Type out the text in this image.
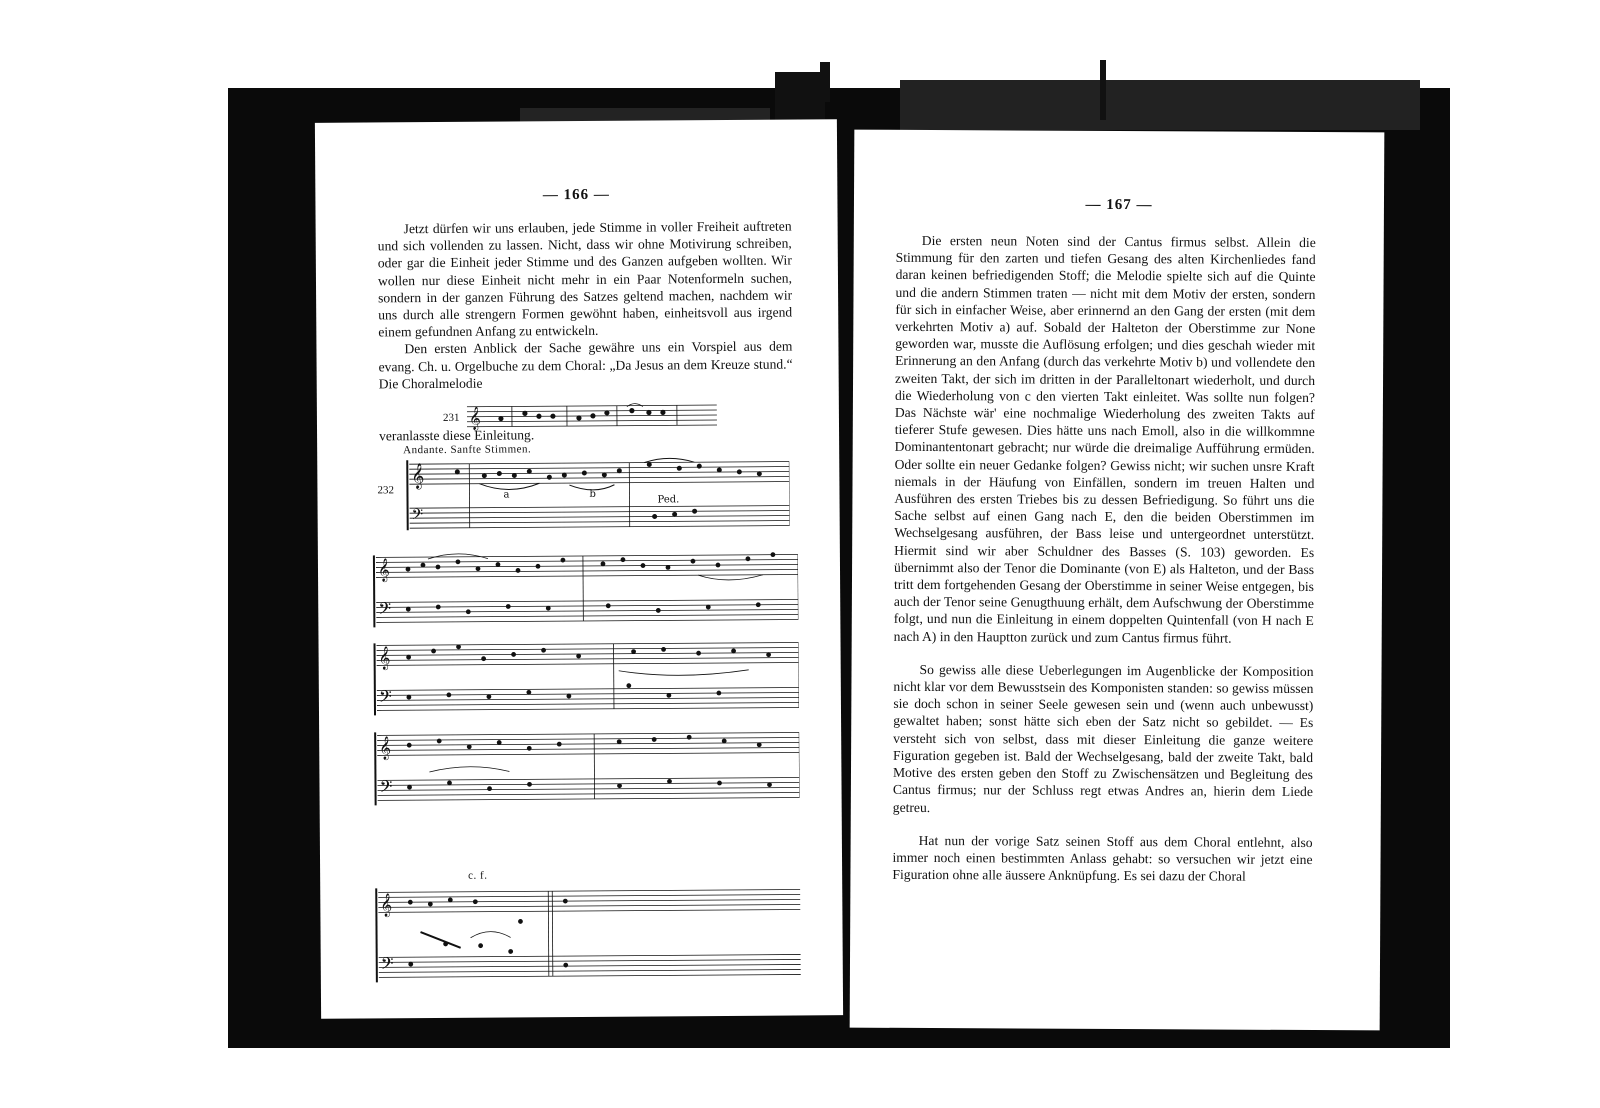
— 166 —

Jetzt dürfen wir uns erlauben, jede Stimme in voller Freiheit auftreten und sich vollenden zu lassen. Nicht, dass wir ohne Motivirung schreiben, oder gar die Einheit jeder Stimme und des Ganzen aufgeben wollten. Wir wollen nur diese Einheit nicht mehr in ein Paar Notenformeln suchen, sondern in der ganzen Führung des Satzes geltend machen, nachdem wir uns durch alle strengern Formen gewöhnt haben, einheitsvoll aus irgend einem gefundnen Anfang zu entwickeln.

Den ersten Anblick der Sache gewähre uns ein Vorspiel aus dem evang. Ch. u. Orgelbuche zu dem Choral: „Da Jesus an dem Kreuze stund.“ Die Choralmelodie

231 𝄞
veranlasste diese Einleitung.
Andante. Sanfte Stimmen.
232
𝄞
𝄢
a	b	Ped.
𝄞
𝄢
𝄞
𝄢
𝄞
𝄢
c. f.
𝄞
𝄢
— 167 —

Die ersten neun Noten sind der Cantus firmus selbst. Allein die Stimmung für den zarten und tiefen Gesang des alten Kirchenliedes fand daran keinen befriedigenden Stoff; die Melodie spielte sich auf die Quinte und die andern Stimmen traten — nicht mit dem Motiv der ersten, sondern für sich in einfacher Weise, aber erinnernd an den Gang der ersten (mit dem verkehrten Motiv a) auf. Sobald der Halteton der Oberstimme zur None geworden war, musste die Auflösung erfolgen; und dies geschah wieder mit Erinnerung an den Anfang (durch das verkehrte Motiv b) und vollendete den zweiten Takt, der sich im dritten in der Paralleltonart wiederholt, und durch die Wiederholung von c den vierten Takt einleitet. Was sollte nun folgen? Das Nächste wär' eine nochmalige Wiederholung des zweiten Takts auf tieferer Stufe gewesen. Dies hätte uns nach Emoll, also in die willkommne Dominantentonart gebracht; nur würde die dreimalige Aufführung ermüden. Oder sollte ein neuer Gedanke folgen? Gewiss nicht; wir suchen unsre Kraft niemals in der Häufung von Einfällen, sondern im treuen Halten und Ausführen des ersten Triebes bis zu dessen Befriedigung. So führt uns die Sache selbst auf einen Gang nach E, den die beiden Oberstimmen im Wechselgesang ausführen, der Bass leise und untergeordnet unterstützt. Hiermit sind wir aber Schuldner des Basses (S. 103) geworden. Es übernimmt also der Tenor die Dominante (von E) als Halteton, und der Bass tritt dem fortgehenden Gesang der Oberstimme in seiner Weise entgegen, bis auch der Tenor seine Genugthuung erhält, dem Aufschwung der Oberstimme folgt, und nun die Einleitung in einem doppelten Quintenfall (von H nach E nach A) in den Hauptton zurück und zum Cantus firmus führt.

So gewiss alle diese Ueberlegungen im Augenblicke der Komposition nicht klar vor dem Bewusstsein des Komponisten standen: so gewiss müssen sie doch schon in seiner Seele gewesen sein und (wenn auch unbewusst) gewaltet haben; sonst hätte sich eben der Satz nicht so gebildet. — Es versteht sich von selbst, dass mit dieser Einleitung die ganze weitere Figuration gegeben ist. Bald der Wechselgesang, bald der zweite Takt, bald Motive des ersten geben den Stoff zu Zwischensätzen und Begleitung des Cantus firmus; nur der Schluss regt etwas Andres an, hierin dem Liede getreu.

Hat nun der vorige Satz seinen Stoff aus dem Choral entlehnt, also immer noch einen bestimmten Anlass gehabt: so versuchen wir jetzt eine Figuration ohne alle äussere Anknüpfung. Es sei dazu der Choral
